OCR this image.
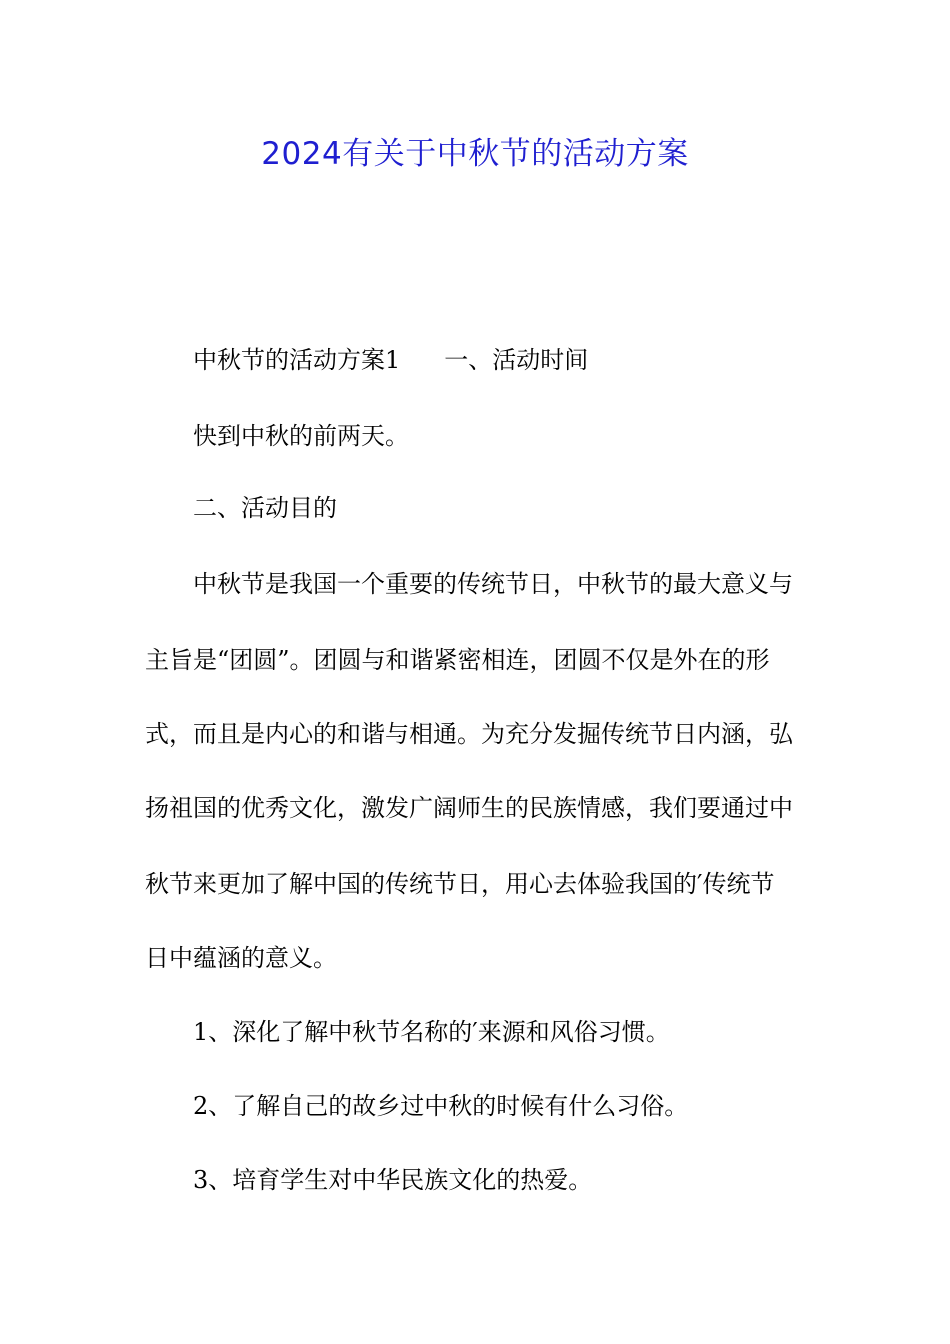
2024有关于中秋节的活动方案
中秋节的活动方案1 一、活动时间
快到中秋的前两天。
二、活动目的
中秋节是我国一个重要的传统节日，中秋节的最大意义与
主旨是“团圆”。团圆与和谐紧密相连，团圆不仅是外在的形
式，而且是内心的和谐与相通。为充分发掘传统节日内涵，弘
扬祖国的优秀文化，激发广阔师生的民族情感，我们要通过中
秋节来更加了解中国的传统节日，用心去体验我国的′传统节
日中蕴涵的意义。
1、深化了解中秋节名称的′来源和风俗习惯。
2、了解自己的故乡过中秋的时候有什么习俗。
3、培育学生对中华民族文化的热爱。
